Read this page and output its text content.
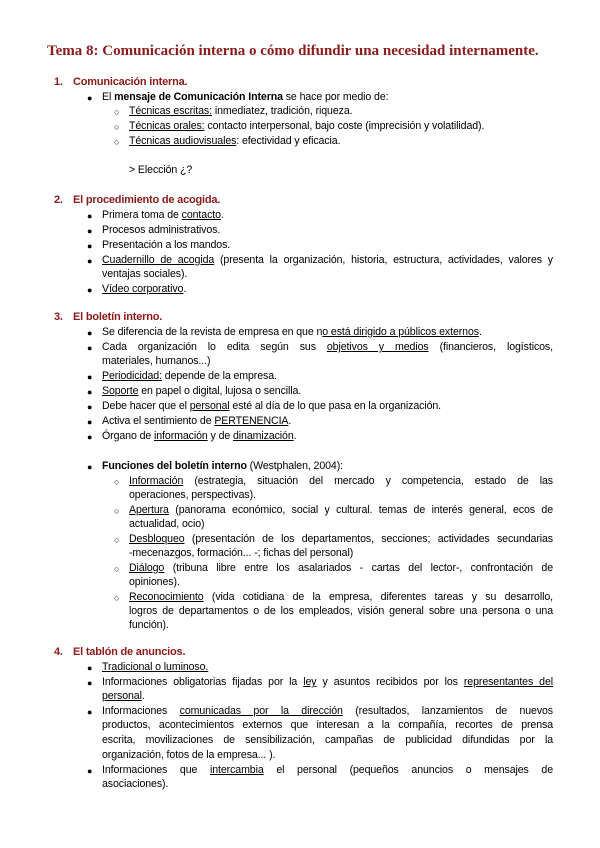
Tema 8: Comunicación interna o cómo difundir una necesidad internamente.
1. Comunicación interna.
● El mensaje de Comunicación Interna se hace por medio de:
○ Técnicas escritas: inmediatez, tradición, riqueza.
○ Técnicas orales: contacto interpersonal, bajo coste (imprecisión y volatilidad).
○ Técnicas audiovisuales: efectividad y eficacia.
> Elección ¿?
2. El procedimiento de acogida.
● Primera toma de contacto.
● Procesos administrativos.
● Presentación a los mandos.
● Cuadernillo de acogida (presenta la organización, historia, estructura, actividades, valores y
ventajas sociales).
● Vídeo corporativo.
3. El boletín interno.
● Se diferencia de la revista de empresa en que no está dirigido a públicos externos.
● Cada organización lo edita según sus objetivos y medios (financieros, logísticos,
materiales, humanos...)
● Periodicidad: depende de la empresa.
● Soporte en papel o digital, lujosa o sencilla.
● Debe hacer que el personal esté al día de lo que pasa en la organización.
● Activa el sentimiento de PERTENENCIA.
● Órgano de información y de dinamización.
● Funciones del boletín interno (Westphalen, 2004):
○ Información (estrategia, situación del mercado y competencia, estado de las
operaciones, perspectivas).
○ Apertura (panorama económico, social y cultural. temas de interés general, ecos de
actualidad, ocio)
○ Desbloqueo (presentación de los departamentos, secciones; actividades secundarias
-mecenazgos, formación... -; fichas del personal)
○ Diálogo (tribuna libre entre los asalariados - cartas del lector-, confrontación de
opiniones).
○ Reconocimiento (vida cotidiana de la empresa, diferentes tareas y su desarrollo,
logros de departamentos o de los empleados, visión general sobre una persona o una
función).
4. El tablón de anuncios.
● Tradicional o luminoso.
● Informaciones obligatorias fijadas por la ley y asuntos recibidos por los representantes del
personal.
● Informaciones comunicadas por la dirección (resultados, lanzamientos de nuevos
productos, acontecimientos externos que interesan a la compañía, recortes de prensa
escrita, movilizaciones de sensibilización, campañas de publicidad difundidas por la
organización, fotos de la empresa... ).
● Informaciones que intercambia el personal (pequeños anuncios o mensajes de
asociaciones).
